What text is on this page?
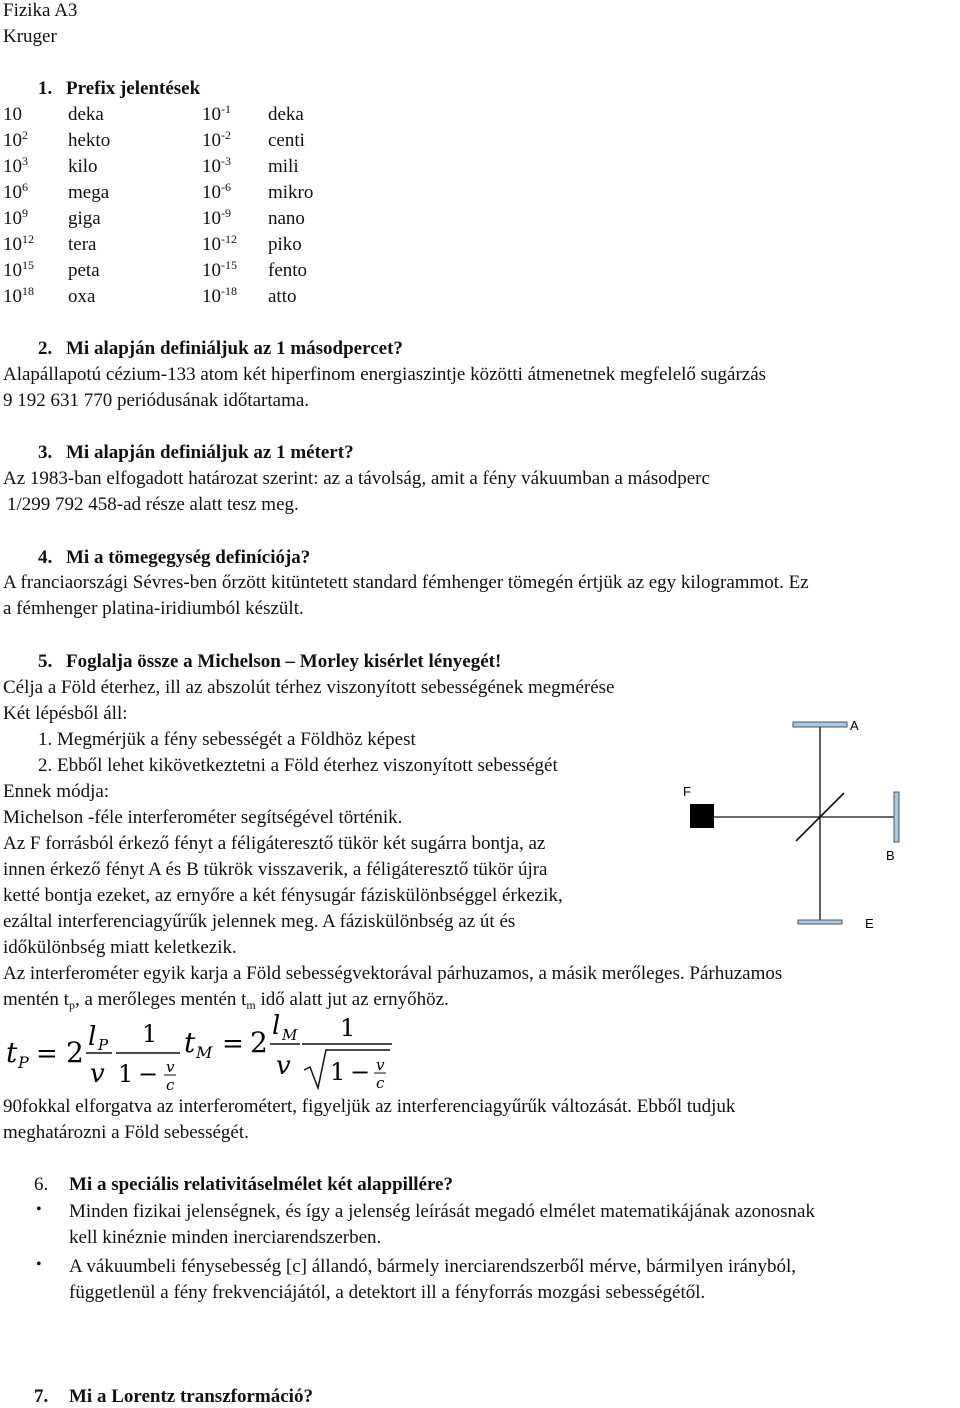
Fizika A3
Kruger
1. Prefix jelentések
10 deka	$10^{-1}$ deka
$10^2$ hekto	$10^{-2}$ centi
$10^3$ kilo	$10^{-3}$ mili
$10^6$ mega	$10^{-6}$ mikro
$10^9$ giga	$10^{-9}$ nano
$10^{12}$ tera	$10^{-12}$ piko
$10^{15}$ peta	$10^{-15}$ fento
$10^{18}$ oxa	$10^{-18}$ atto
2. Mi alapján definiáljuk az 1 másodpercet?
Alapállapotú cézium-133 atom két hiperfinom energiaszintje közötti átmenetnek megfelelő sugárzás
9 192 631 770 periódusának időtartama.
3. Mi alapján definiáljuk az 1 métert?
Az 1983-ban elfogadott határozat szerint: az a távolság, amit a fény vákuumban a másodperc
1/299 792 458-ad része alatt tesz meg.
4. Mi a tömegegység definíciója?
A franciaországi Sévres-ben őrzött kitüntetett standard fémhenger tömegén értjük az egy kilogrammot. Ez
a fémhenger platina-iridiumból készült.
5. Foglalja össze a Michelson – Morley kisérlet lényegét!
Célja a Föld éterhez, ill az abszolút térhez viszonyított sebességének megmérése
Két lépésből áll:
1. Megmérjük a fény sebességét a Földhöz képest
2. Ebből lehet kikövetkeztetni a Föld éterhez viszonyított sebességét
Ennek módja:
Michelson -féle interferométer segítségével történik.
Az F forrásból érkező fényt a féligáteresztő tükör két sugárra bontja, az
innen érkező fényt A és B tükrök visszaverik, a féligáteresztő tükör újra
ketté bontja ezeket, az ernyőre a két fénysugár fáziskülönbséggel érkezik,
ezáltal interferenciagyűrűk jelennek meg. A fáziskülönbség az út és
időkülönbség miatt keletkezik.
Az interferométer egyik karja a Föld sebességvektorával párhuzamos, a másik merőleges. Párhuzamos
mentén $t_p$, a merőleges mentén $t_m$ idő alatt jut az ernyőhöz.
A
F
B
E
t P = 2 l P
v
1
1 − v
c
t M = 2 l M
v
1
1 − v
c
90fokkal elforgatva az interferométert, figyeljük az interferenciagyűrűk változását. Ebből tudjuk
meghatározni a Föld sebességét.
6. Mi a speciális relativitáselmélet két alappillére?
• Minden fizikai jelenségnek, és így a jelenség leírását megadó elmélet matematikájának azonosnak
kell kinéznie minden inerciarendszerben.
• A vákuumbeli fénysebesség [c] állandó, bármely inerciarendszerből mérve, bármilyen irányból,
függetlenül a fény frekvenciájától, a detektort ill a fényforrás mozgási sebességétől.
7. Mi a Lorentz transzformáció?
